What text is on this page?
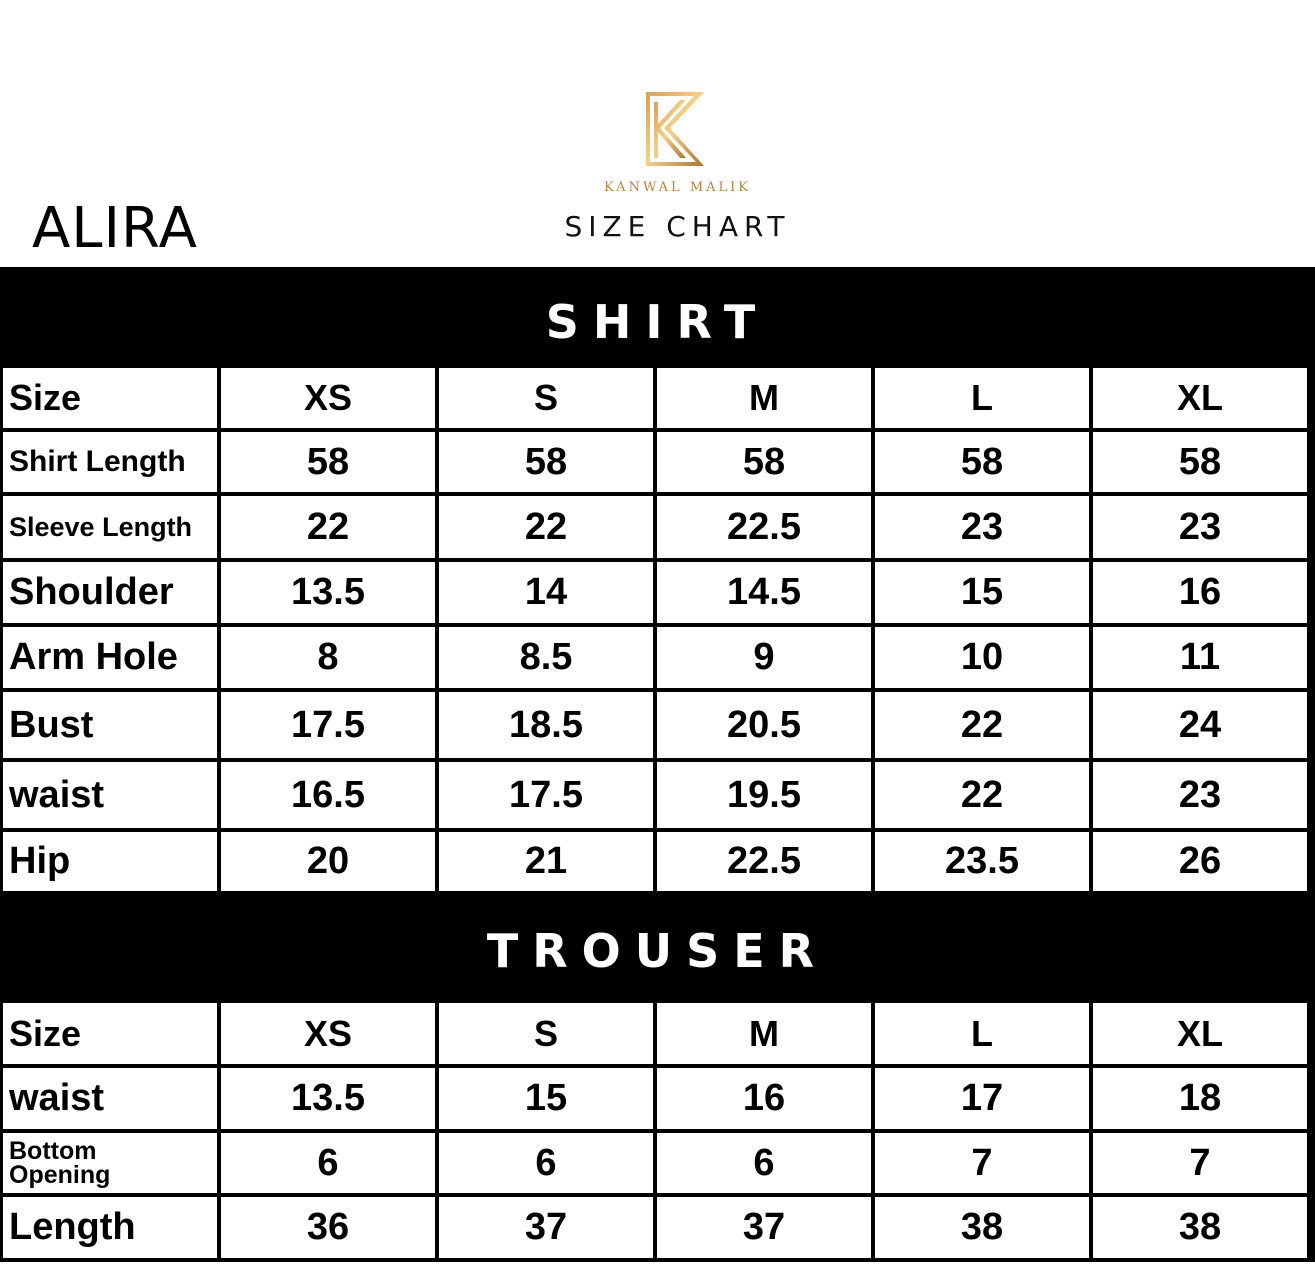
ALIRA
KANWAL MALIK
SIZE CHART
SHIRT
Size	XS	S	M	L	XL
Shirt Length	58	58	58	58	58
Sleeve Length	22	22	22.5	23	23
Shoulder	13.5	14	14.5	15	16
Arm Hole	8	8.5	9	10	11
Bust	17.5	18.5	20.5	22	24
waist	16.5	17.5	19.5	22	23
Hip	20	21	22.5	23.5	26
TROUSER
Size	XS	S	M	L	XL
waist	13.5	15	16	17	18
Bottom
Opening	6	6	6	7	7
Length	36	37	37	38	38
